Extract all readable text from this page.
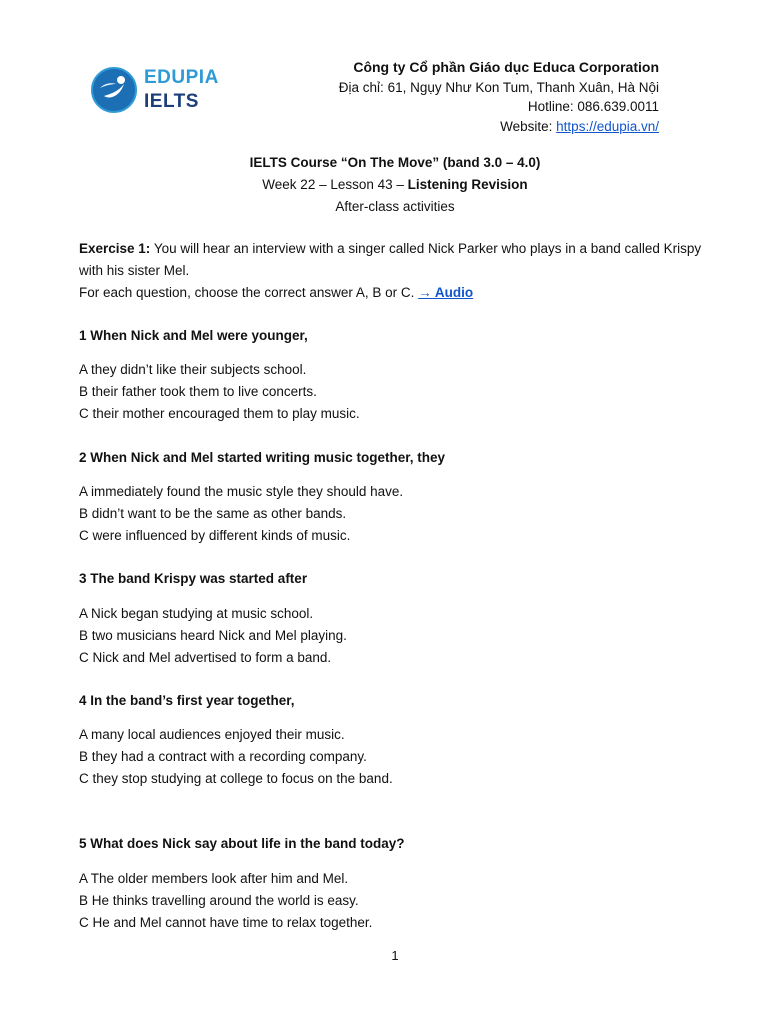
EDUPIA
IELTS
Công ty Cổ phần Giáo dục Educa Corporation
Địa chỉ: 61, Ngụy Như Kon Tum, Thanh Xuân, Hà Nội
Hotline: 086.639.0011
Website: https://edupia.vn/
IELTS Course “On The Move” (band 3.0 – 4.0)
Week 22 – Lesson 43 – Listening Revision
After-class activities
Exercise 1: You will hear an interview with a singer called Nick Parker who plays in a band called Krispy with his sister Mel.
For each question, choose the correct answer A, B or C. → Audio

1 When Nick and Mel were younger,

A they didn’t like their subjects school.
B their father took them to live concerts.
C their mother encouraged them to play music.

2 When Nick and Mel started writing music together, they

A immediately found the music style they should have.
B didn’t want to be the same as other bands.
C were influenced by different kinds of music.

3 The band Krispy was started after

A Nick began studying at music school.
B two musicians heard Nick and Mel playing.
C Nick and Mel advertised to form a band.

4 In the band’s first year together,

A many local audiences enjoyed their music.
B they had a contract with a recording company.
C they stop studying at college to focus on the band.

5 What does Nick say about life in the band today?

A The older members look after him and Mel.
B He thinks travelling around the world is easy.
C He and Mel cannot have time to relax together.
1
